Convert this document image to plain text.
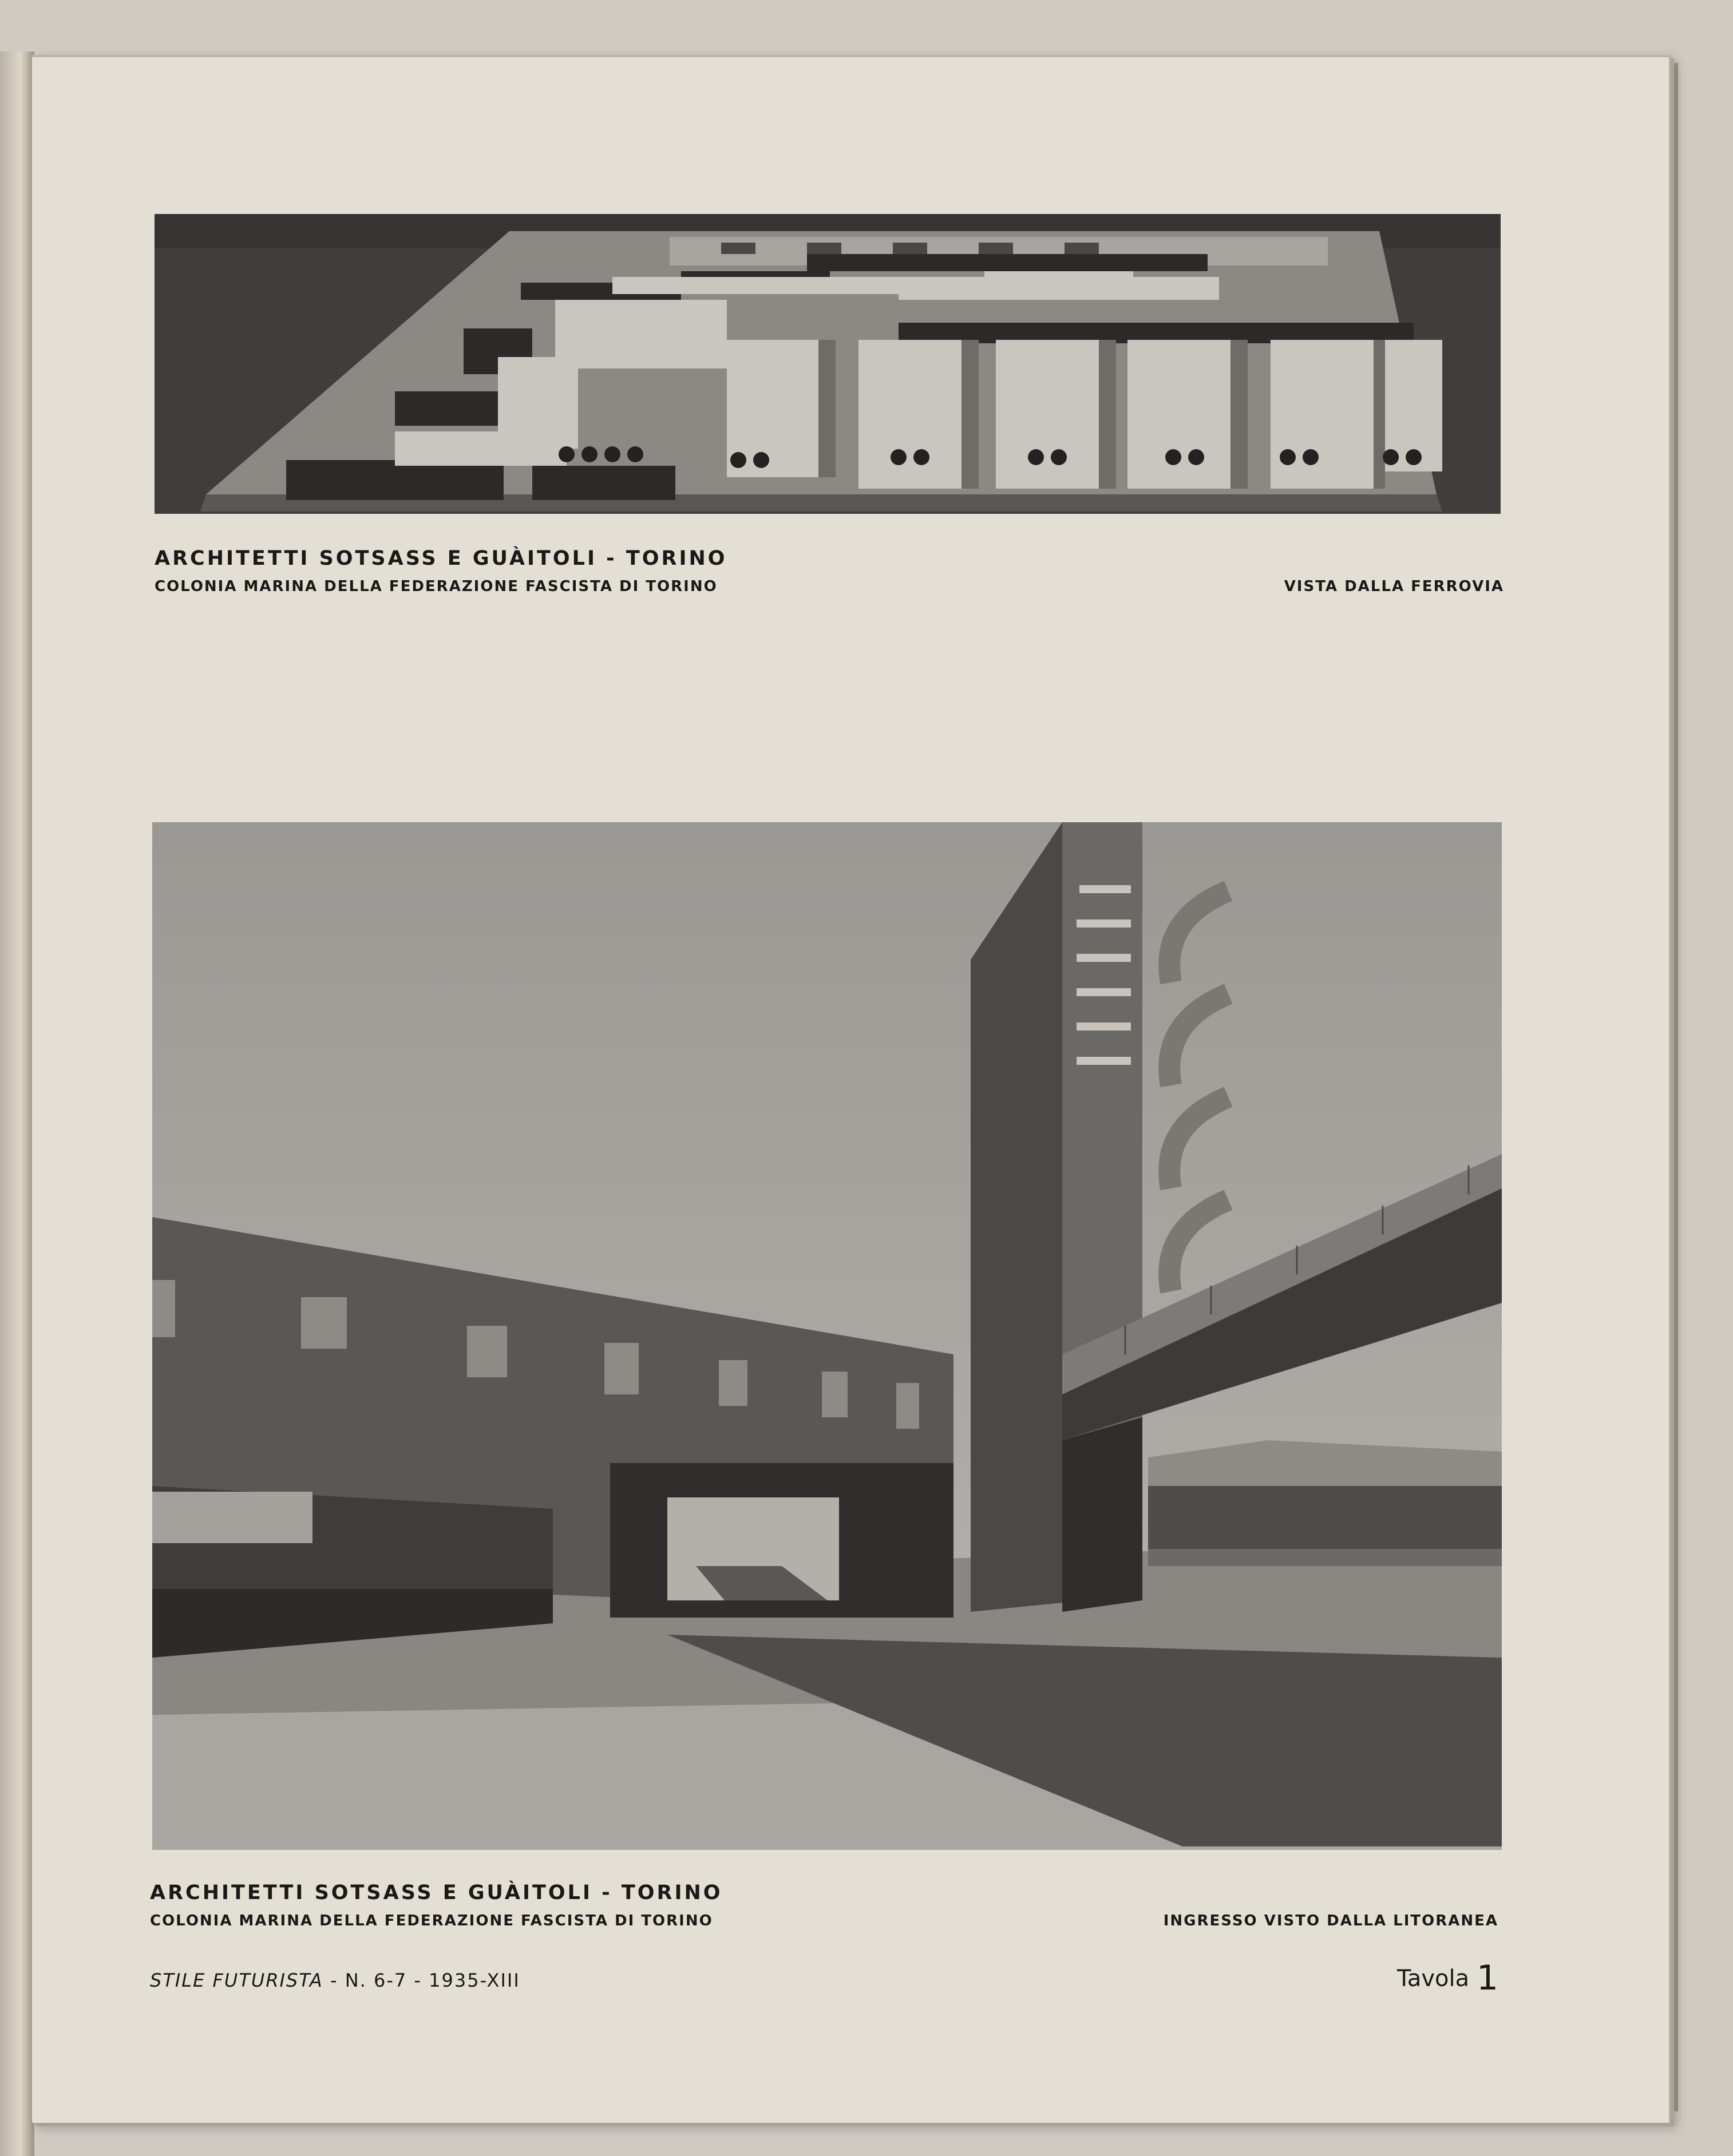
ARCHITETTI SOTSASS E GUÀITOLI - TORINO
COLONIA MARINA DELLA FEDERAZIONE FASCISTA DI TORINO	VISTA DALLA FERROVIA
ARCHITETTI SOTSASS E GUÀITOLI - TORINO
COLONIA MARINA DELLA FEDERAZIONE FASCISTA DI TORINO	INGRESSO VISTO DALLA LITORANEA
STILE FUTURISTA - N. 6-7 - 1935-XIII	Tavola 1
